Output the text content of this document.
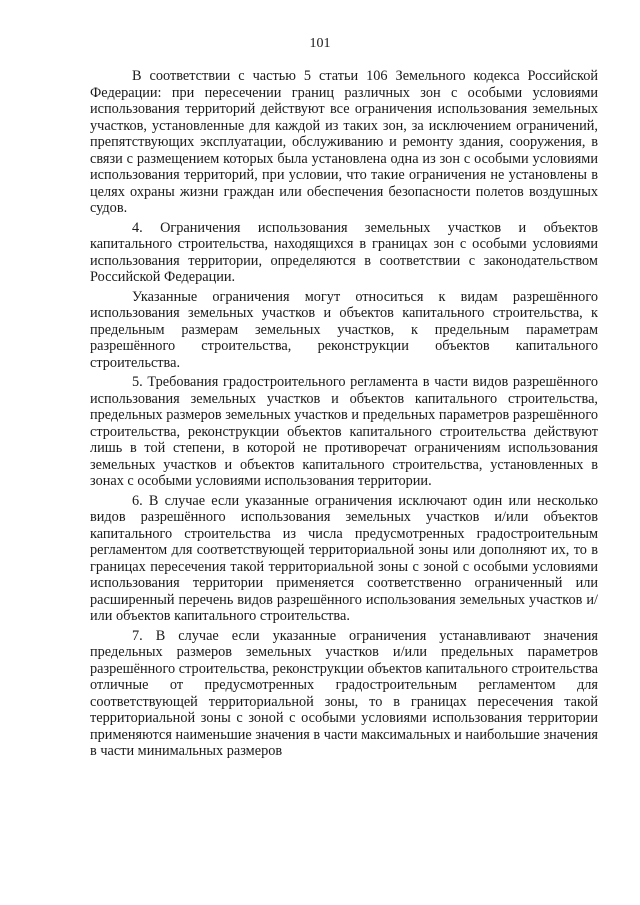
101

В соответствии с частью 5 статьи 106 Земельного кодекса Российской Федерации: при пересечении границ различных зон с особыми условиями использования территорий действуют все ограничения использования земельных участков, установленные для каждой из таких зон, за исключением ограничений, препятствующих эксплуатации, обслуживанию и ремонту здания, сооружения, в связи с размещением которых была установлена одна из зон с особыми условиями использования территорий, при условии, что такие ограничения не установлены в целях охраны жизни граждан или обеспечения безопасности полетов воздушных судов.

4. Ограничения использования земельных участков и объектов капитального строительства, находящихся в границах зон с особыми условиями использования территории, определяются в соответствии с законодательством Российской Федерации.

Указанные ограничения могут относиться к видам разрешённого использования земельных участков и объектов капитального строительства, к предельным размерам земельных участков, к предельным параметрам разрешённого строительства, реконструкции объектов капитального строительства.

5. Требования градостроительного регламента в части видов разрешённого использования земельных участков и объектов капитального строительства, предельных размеров земельных участков и предельных параметров разрешённого строительства, реконструкции объектов капитального строительства действуют лишь в той степени, в которой не противоречат ограничениям использования земельных участков и объектов капитального строительства, установленных в зонах с особыми условиями использования территории.

6. В случае если указанные ограничения исключают один или несколько видов разрешённого использования земельных участков и/или объектов капитального строительства из числа предусмотренных градостроительным регламентом для соответствующей территориальной зоны или дополняют их, то в границах пересечения такой территориальной зоны с зоной с особыми условиями использования территории применяется соответственно ограниченный или расширенный перечень видов разрешённого использования земельных участков и/или объектов капитального строительства.

7. В случае если указанные ограничения устанавливают значения предельных размеров земельных участков и/или предельных параметров разрешённого строительства, реконструкции объектов капитального строительства отличные от предусмотренных градостроительным регламентом для соответствующей территориальной зоны, то в границах пересечения такой территориальной зоны с зоной с особыми условиями использования территории применяются наименьшие значения в части максимальных и наибольшие значения в части минимальных размеров
